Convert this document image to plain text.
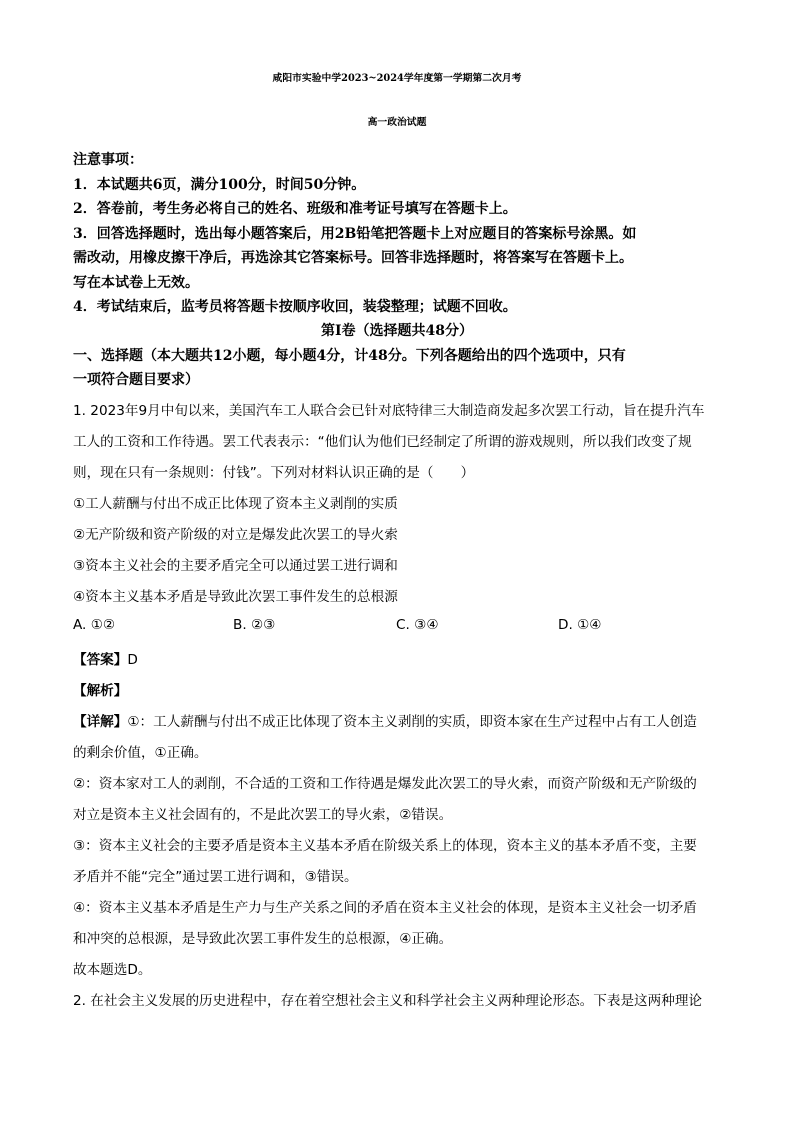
咸阳市实验中学2023~2024学年度第一学期第二次月考
高一政治试题
注意事项：
1．本试题共6页，满分100分，时间50分钟。
2．答卷前，考生务必将自己的姓名、班级和准考证号填写在答题卡上。
3．回答选择题时，选出每小题答案后，用2B铅笔把答题卡上对应题目的答案标号涂黑。如
需改动，用橡皮擦干净后，再选涂其它答案标号。回答非选择题时，将答案写在答题卡上。
写在本试卷上无效。
4．考试结束后，监考员将答题卡按顺序收回，装袋整理；试题不回收。
第Ⅰ卷（选择题共48分）
一、选择题（本大题共12小题，每小题4分，计48分。下列各题给出的四个选项中，只有
一项符合题目要求）
1. 2023年9月中旬以来，美国汽车工人联合会已针对底特律三大制造商发起多次罢工行动，旨在提升汽车
工人的工资和工作待遇。罢工代表表示：“他们认为他们已经制定了所谓的游戏规则，所以我们改变了规
则，现在只有一条规则：付钱”。下列对材料认识正确的是（　　）
①工人薪酬与付出不成正比体现了资本主义剥削的实质
②无产阶级和资产阶级的对立是爆发此次罢工的导火索
③资本主义社会的主要矛盾完全可以通过罢工进行调和
④资本主义基本矛盾是导致此次罢工事件发生的总根源
A. ①②	B. ②③	C. ③④	D. ①④
【答案】D
【解析】
【详解】①：工人薪酬与付出不成正比体现了资本主义剥削的实质，即资本家在生产过程中占有工人创造
的剩余价值，①正确。
②：资本家对工人的剥削，不合适的工资和工作待遇是爆发此次罢工的导火索，而资产阶级和无产阶级的
对立是资本主义社会固有的，不是此次罢工的导火索，②错误。
③：资本主义社会的主要矛盾是资本主义基本矛盾在阶级关系上的体现，资本主义的基本矛盾不变，主要
矛盾并不能“完全”通过罢工进行调和，③错误。
④：资本主义基本矛盾是生产力与生产关系之间的矛盾在资本主义社会的体现，是资本主义社会一切矛盾
和冲突的总根源，是导致此次罢工事件发生的总根源，④正确。
故本题选D。
2. 在社会主义发展的历史进程中，存在着空想社会主义和科学社会主义两种理论形态。下表是这两种理论
